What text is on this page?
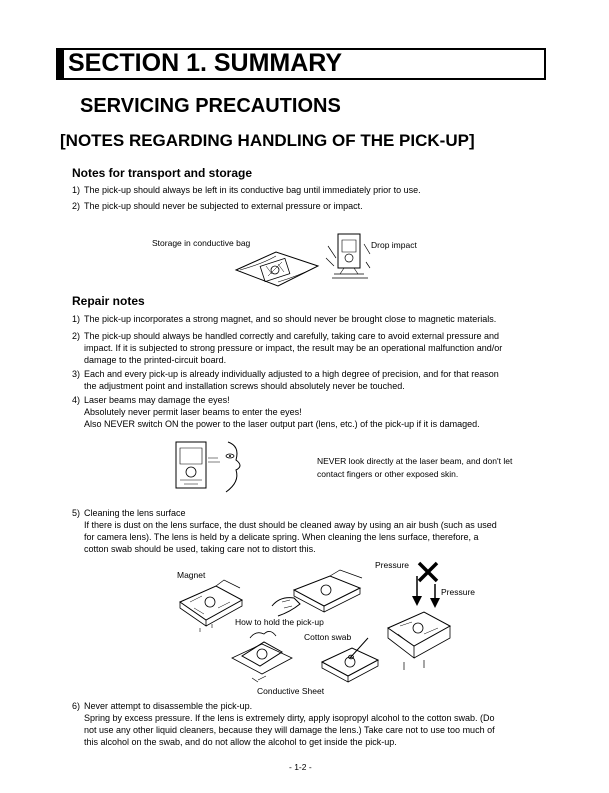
SECTION 1. SUMMARY
SERVICING PRECAUTIONS
[NOTES REGARDING HANDLING OF THE PICK-UP]
Notes for transport and storage
1) The pick-up should always be left in its conductive bag until immediately prior to use.
2) The pick-up should never be subjected to external pressure or impact.
Storage in conductive bag	Drop impact
Repair notes
1) The pick-up incorporates a strong magnet, and so should never be brought close to magnetic materials.
2) The pick-up should always be handled correctly and carefully, taking care to avoid external pressure and
impact. If it is subjected to strong pressure or impact, the result may be an operational malfunction and/or
damage to the printed-circuit board.
3) Each and every pick-up is already individually adjusted to a high degree of precision, and for that reason
the adjustment point and installation screws should absolutely never be touched.
4) Laser beams may damage the eyes!
Absolutely never permit laser beams to enter the eyes!
Also NEVER switch ON the power to the laser output part (lens, etc.) of the pick-up if it is damaged.
NEVER look directly at the laser beam, and don't let
contact fingers or other exposed skin.
5) Cleaning the lens surface
If there is dust on the lens surface, the dust should be cleaned away by using an air bush (such as used
for camera lens). The lens is held by a delicate spring. When cleaning the lens surface, therefore, a
cotton swab should be used, taking care not to distort this.
Pressure
Magnet
Pressure
How to hold the pick-up
Cotton swab
Conductive Sheet
6) Never attempt to disassemble the pick-up.
Spring by excess pressure. If the lens is extremely dirty, apply isopropyl alcohol to the cotton swab. (Do
not use any other liquid cleaners, because they will damage the lens.) Take care not to use too much of
this alcohol on the swab, and do not allow the alcohol to get inside the pick-up.
- 1-2 -
